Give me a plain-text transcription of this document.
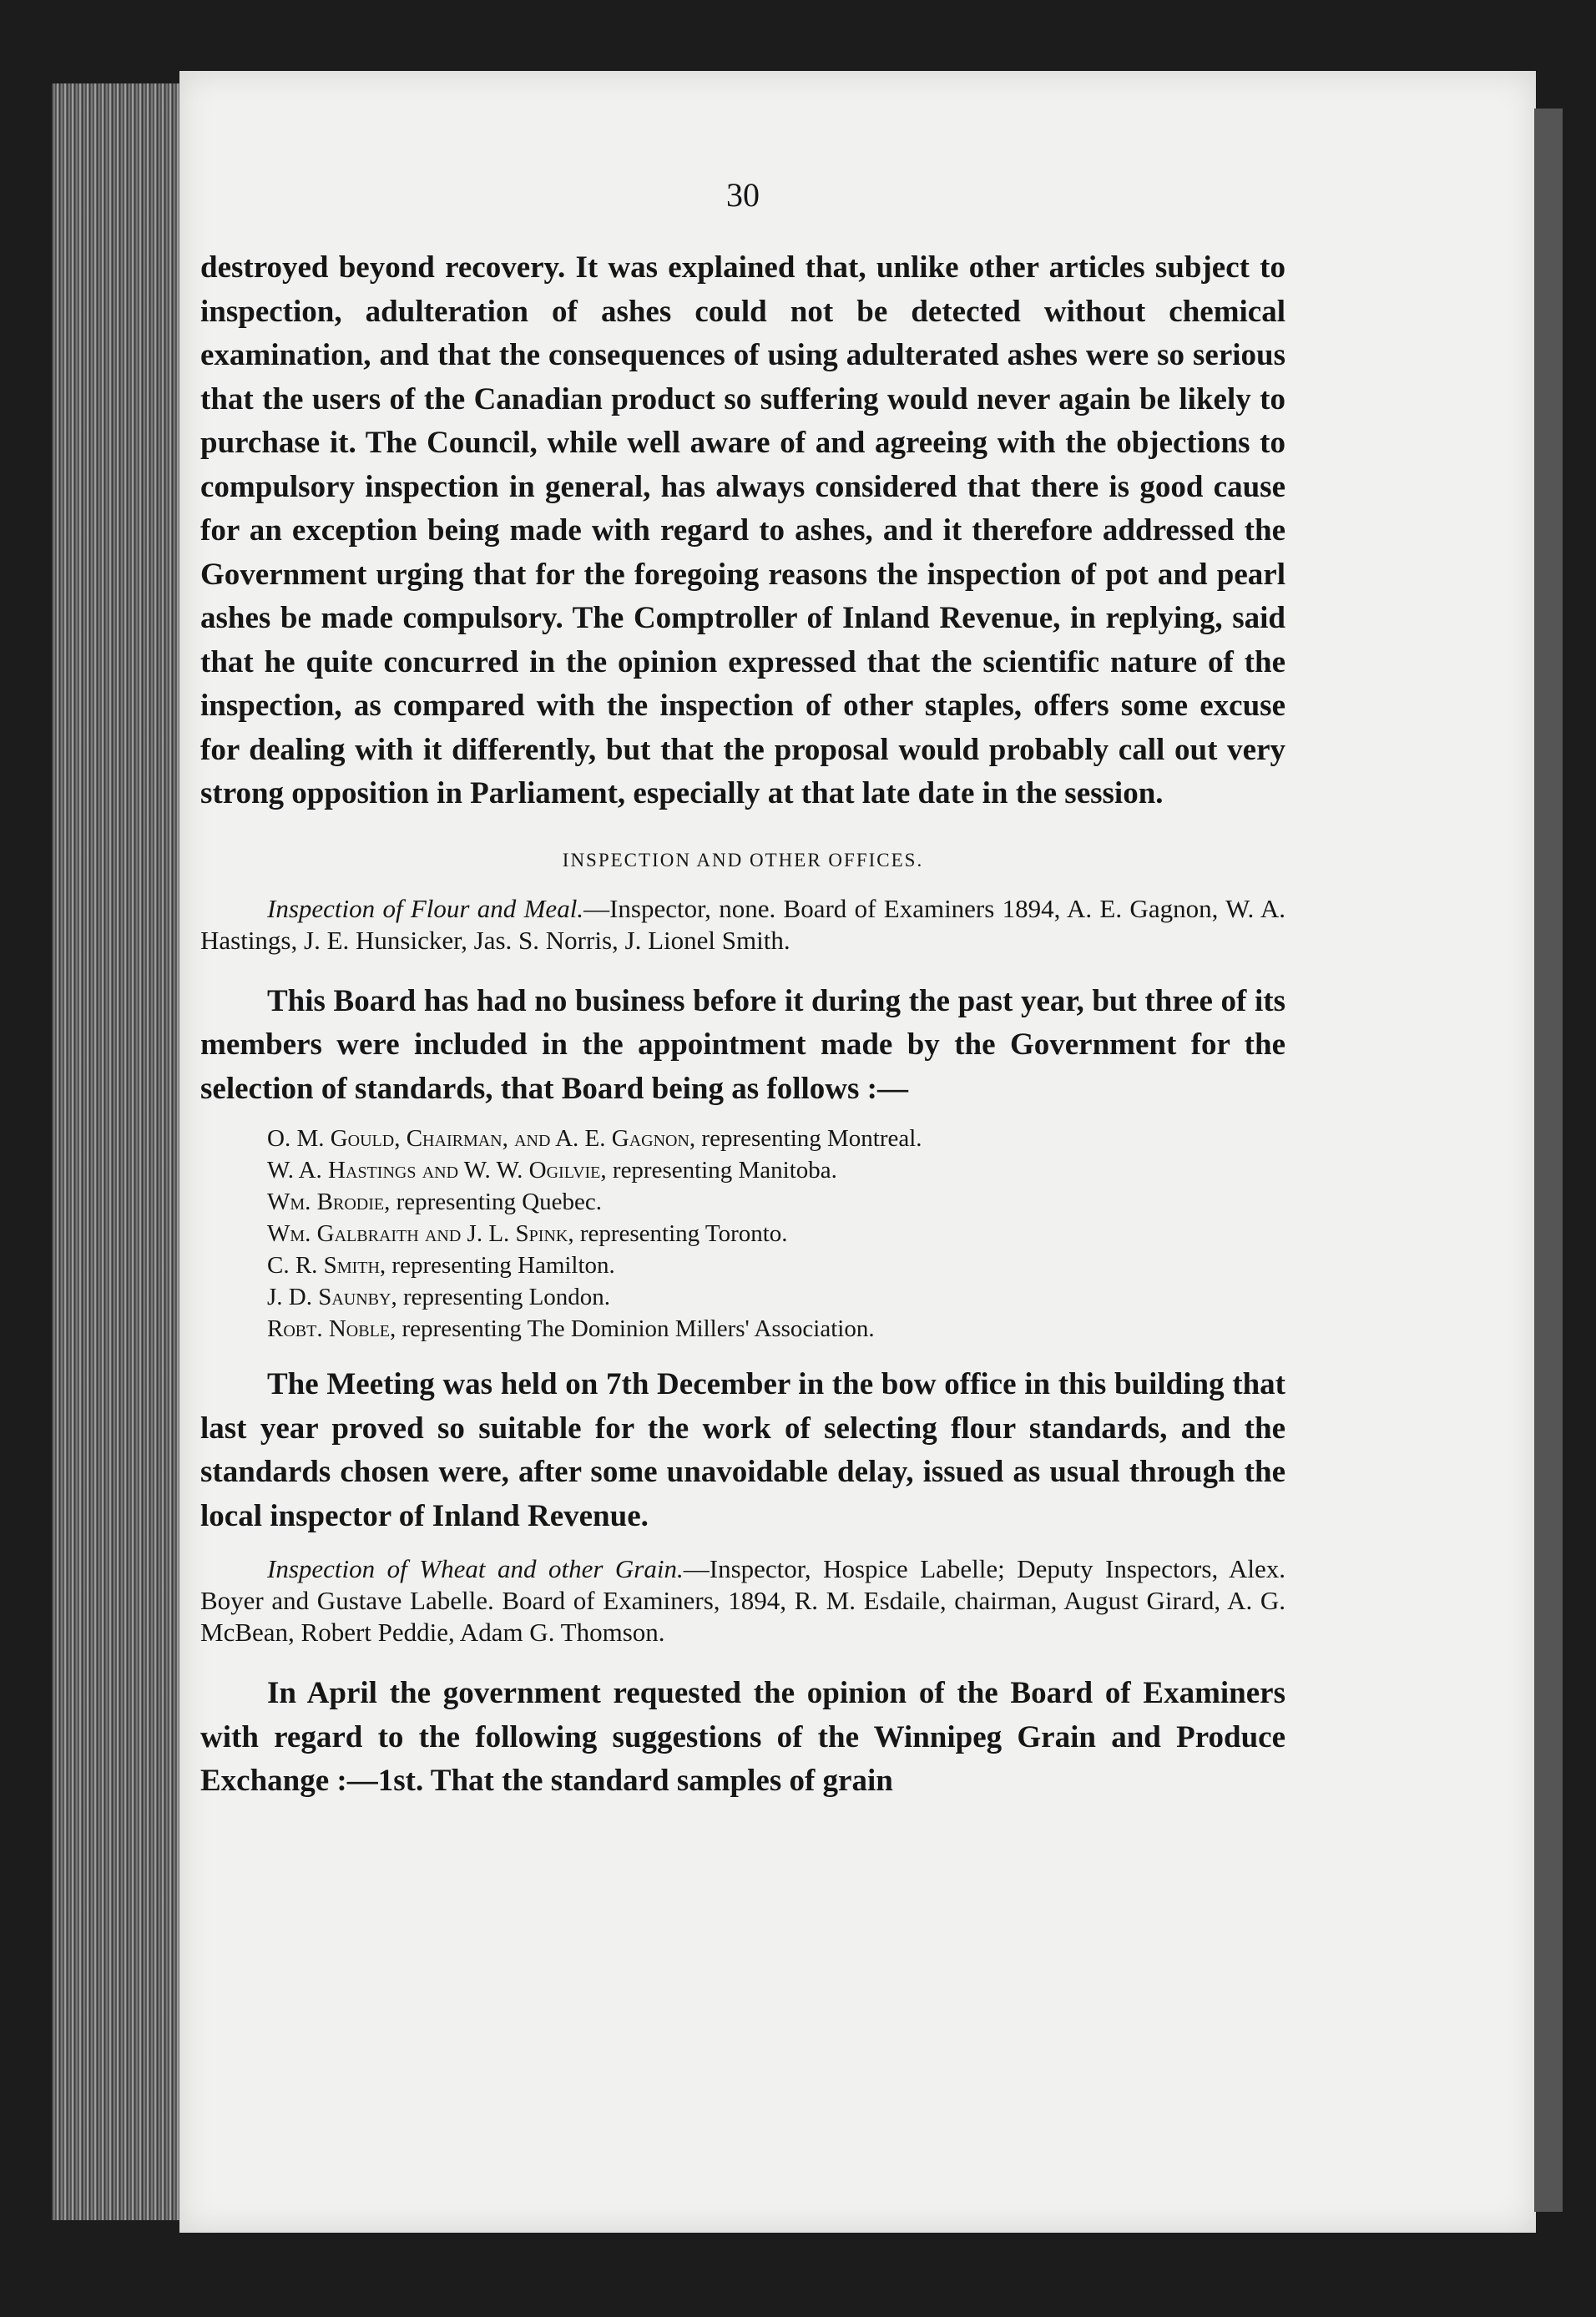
30

destroyed beyond recovery. It was explained that, unlike other articles subject to inspection, adulteration of ashes could not be detected without chemical examination, and that the consequences of using adulterated ashes were so serious that the users of the Canadian product so suffering would never again be likely to purchase it. The Council, while well aware of and agreeing with the objections to compulsory inspection in general, has always considered that there is good cause for an exception being made with regard to ashes, and it therefore addressed the Government urging that for the foregoing reasons the inspection of pot and pearl ashes be made compulsory. The Comptroller of Inland Revenue, in replying, said that he quite concurred in the opinion expressed that the scientific nature of the inspection, as compared with the inspection of other staples, offers some excuse for dealing with it differently, but that the proposal would probably call out very strong opposition in Parliament, especially at that late date in the session.

INSPECTION AND OTHER OFFICES.

Inspection of Flour and Meal.—Inspector, none. Board of Examiners 1894, A. E. Gagnon, W. A. Hastings, J. E. Hunsicker, Jas. S. Norris, J. Lionel Smith.

This Board has had no business before it during the past year, but three of its members were included in the appointment made by the Government for the selection of standards, that Board being as follows :—

O. M. Gould, Chairman, and A. E. Gagnon, representing Montreal.
W. A. Hastings and W. W. Ogilvie, representing Manitoba.
Wm. Brodie, representing Quebec.
Wm. Galbraith and J. L. Spink, representing Toronto.
C. R. Smith, representing Hamilton.
J. D. Saunby, representing London.
Robt. Noble, representing The Dominion Millers' Association.

The Meeting was held on 7th December in the bow office in this building that last year proved so suitable for the work of selecting flour standards, and the standards chosen were, after some unavoidable delay, issued as usual through the local inspector of Inland Revenue.

Inspection of Wheat and other Grain.—Inspector, Hospice Labelle; Deputy Inspectors, Alex. Boyer and Gustave Labelle. Board of Examiners, 1894, R. M. Esdaile, chairman, August Girard, A. G. McBean, Robert Peddie, Adam G. Thomson.

In April the government requested the opinion of the Board of Examiners with regard to the following suggestions of the Winnipeg Grain and Produce Exchange :—1st. That the standard samples of grain
